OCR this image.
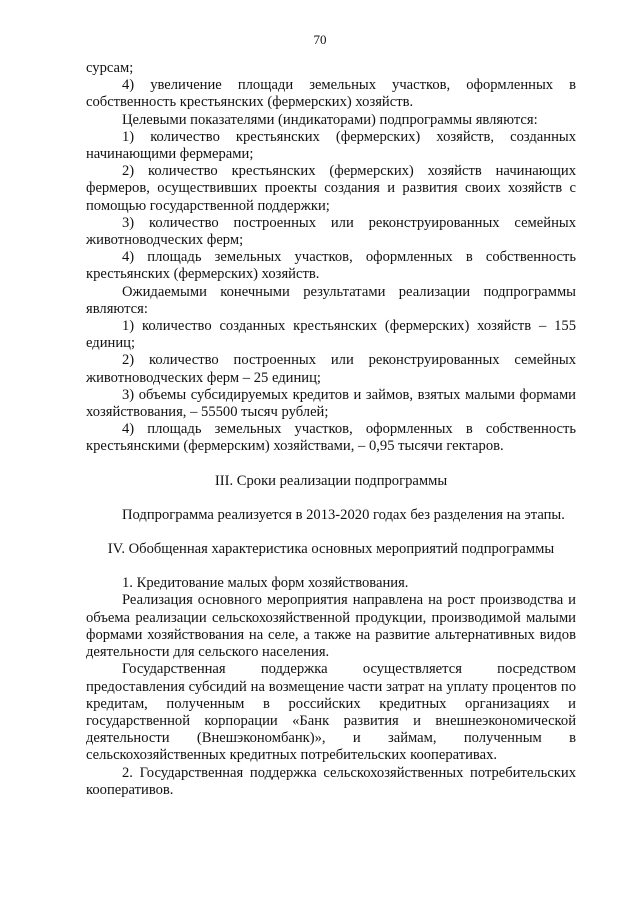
70

сурсам;

4) увеличение площади земельных участков, оформленных в собственность крестьянских (фермерских) хозяйств.

Целевыми показателями (индикаторами) подпрограммы являются:

1) количество крестьянских (фермерских) хозяйств, созданных начинающими фермерами;

2) количество крестьянских (фермерских) хозяйств начинающих фермеров, осуществивших проекты создания и развития своих хозяйств с помощью государственной поддержки;

3) количество построенных или реконструированных семейных животноводческих ферм;

4) площадь земельных участков, оформленных в собственность крестьянских (фермерских) хозяйств.

Ожидаемыми конечными результатами реализации подпрограммы являются:

1) количество созданных крестьянских (фермерских) хозяйств – 155 единиц;

2) количество построенных или реконструированных семейных животноводческих ферм – 25 единиц;

3) объемы субсидируемых кредитов и займов, взятых малыми формами хозяйствования, – 55500 тысяч рублей;

4) площадь земельных участков, оформленных в собственность крестьянскими (фермерским) хозяйствами, – 0,95 тысячи гектаров.

III. Сроки реализации подпрограммы

Подпрограмма реализуется в 2013-2020 годах без разделения на этапы.

IV. Обобщенная характеристика основных мероприятий подпрограммы

1. Кредитование малых форм хозяйствования.

Реализация основного мероприятия направлена на рост производства и объема реализации сельскохозяйственной продукции, производимой малыми формами хозяйствования на селе, а также на развитие альтернативных видов деятельности для сельского населения.

Государственная поддержка осуществляется посредством предоставления субсидий на возмещение части затрат на уплату процентов по кредитам, полученным в российских кредитных организациях и государственной корпорации «Банк развития и внешнеэкономической деятельности (Внешэкономбанк)», и займам, полученным в сельскохозяйственных кредитных потребительских кооперативах.

2. Государственная поддержка сельскохозяйственных потребительских кооперативов.
